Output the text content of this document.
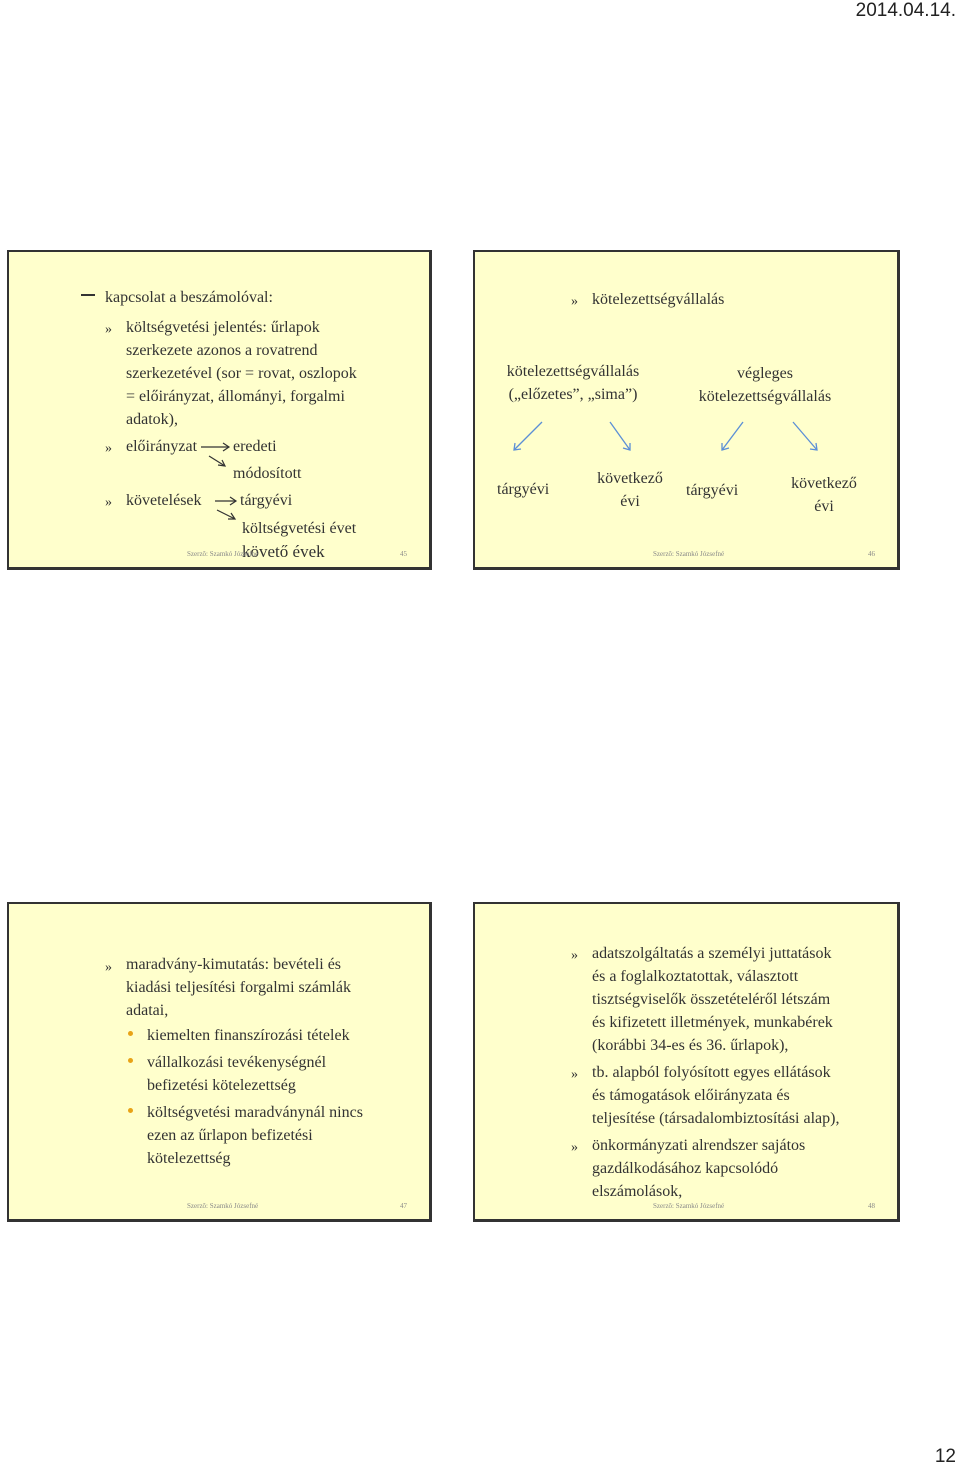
2014.04.14.
kapcsolat a beszámolóval:
» költségvetési jelentés: űrlapok
szerkezete azonos a rovatrend
szerkezetével (sor = rovat, oszlopok
= előirányzat, állományi, forgalmi
adatok),
» előirányzat eredeti
módosított
» követelések tárgyévi
költségvetési évet
követő évek
Szerzõ: Szamkó Józsefné	45
» kötelezettségvállalás
kötelezettségvállalás
(„előzetes”, „sima”)
végleges
kötelezettségvállalás
tárgyévi
következő
évi
tárgyévi	következő
évi
Szerzõ: Szamkó Józsefné	46
» maradvány-kimutatás: bevételi és
kiadási teljesítési forgalmi számlák
adatai,
kiemelten finanszírozási tételek
vállalkozási tevékenységnél
befizetési kötelezettség
költségvetési maradványnál nincs
ezen az űrlapon befizetési
kötelezettség
Szerzõ: Szamkó Józsefné	47
» adatszolgáltatás a személyi juttatások
és a foglalkoztatottak, választott
tisztségviselők összetételéről létszám
és kifizetett illetmények, munkabérek
(korábbi 34-es és 36. űrlapok),
» tb. alapból folyósított egyes ellátások
és támogatások előirányzata és
teljesítése (társadalombiztosítási alap),
» önkormányzati alrendszer sajátos
gazdálkodásához kapcsolódó
elszámolások,
Szerzõ: Szamkó Józsefné	48
12
